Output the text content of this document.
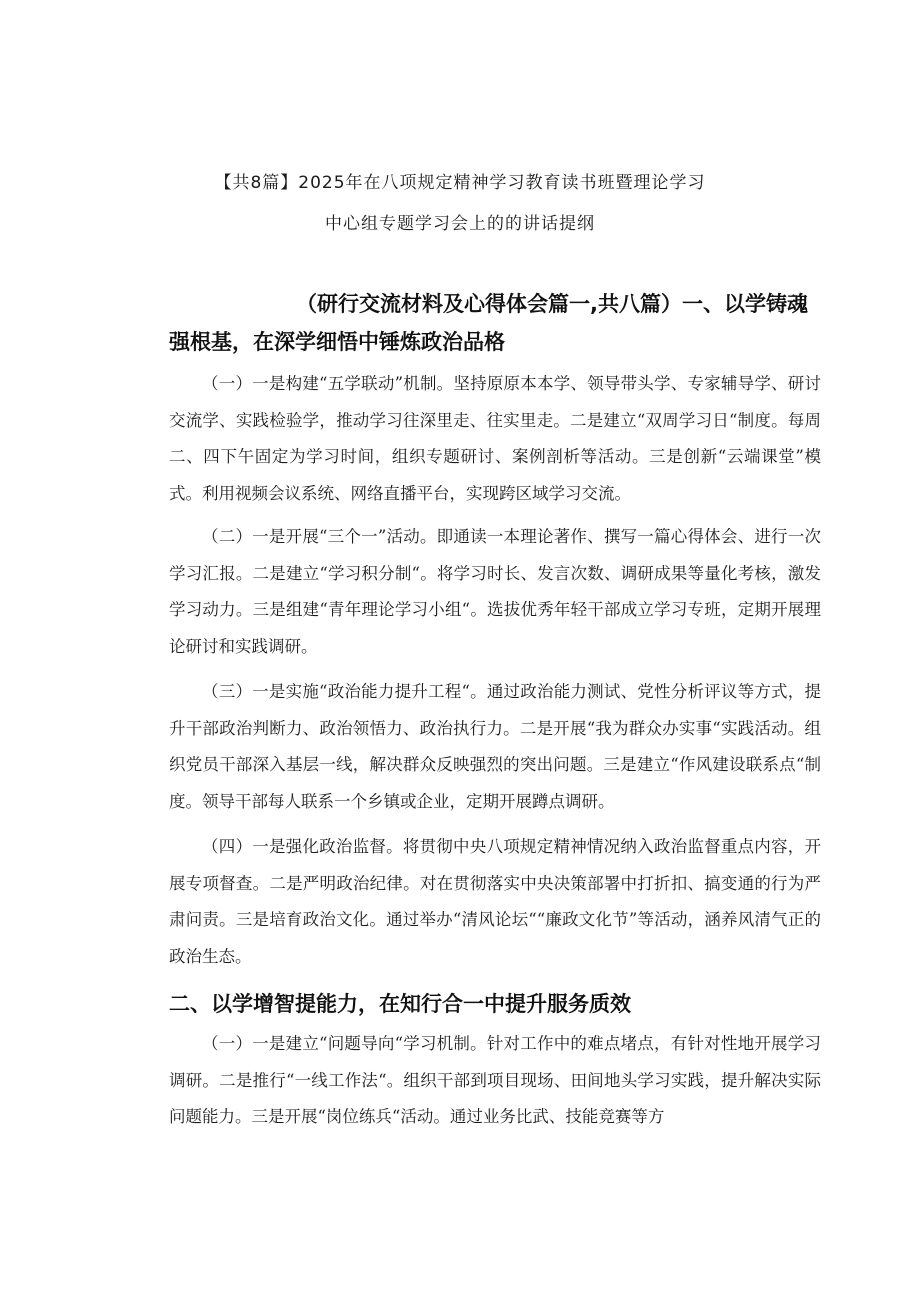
【共8篇】2025年在八项规定精神学习教育读书班暨理论学习
中心组专题学习会上的的讲话提纲
（研行交流材料及心得体会篇一,共八篇）一、以学铸魂
强根基，在深学细悟中锤炼政治品格

（一）一是构建“五学联动”机制。坚持原原本本学、领导带头学、专家辅导学、研讨交流学、实践检验学，推动学习往深里走、往实里走。二是建立“双周学习日“制度。每周二、四下午固定为学习时间，组织专题研讨、案例剖析等活动。三是创新“云端课堂”模式。利用视频会议系统、网络直播平台，实现跨区域学习交流。

（二）一是开展“三个一”活动。即通读一本理论著作、撰写一篇心得体会、进行一次学习汇报。二是建立“学习积分制“。将学习时长、发言次数、调研成果等量化考核，激发学习动力。三是组建“青年理论学习小组“。选拔优秀年轻干部成立学习专班，定期开展理论研讨和实践调研。

（三）一是实施“政治能力提升工程“。通过政治能力测试、党性分析评议等方式，提升干部政治判断力、政治领悟力、政治执行力。二是开展“我为群众办实事“实践活动。组织党员干部深入基层一线，解决群众反映强烈的突出问题。三是建立“作风建设联系点“制度。领导干部每人联系一个乡镇或企业，定期开展蹲点调研。

（四）一是强化政治监督。将贯彻中央八项规定精神情况纳入政治监督重点内容，开展专项督查。二是严明政治纪律。对在贯彻落实中央决策部署中打折扣、搞变通的行为严肃问责。三是培育政治文化。通过举办“清风论坛““廉政文化节”等活动，涵养风清气正的政治生态。

二、以学增智提能力，在知行合一中提升服务质效

（一）一是建立“问题导向“学习机制。针对工作中的难点堵点，有针对性地开展学习调研。二是推行“一线工作法“。组织干部到项目现场、田间地头学习实践，提升解决实际问题能力。三是开展“岗位练兵“活动。通过业务比武、技能竞赛等方
